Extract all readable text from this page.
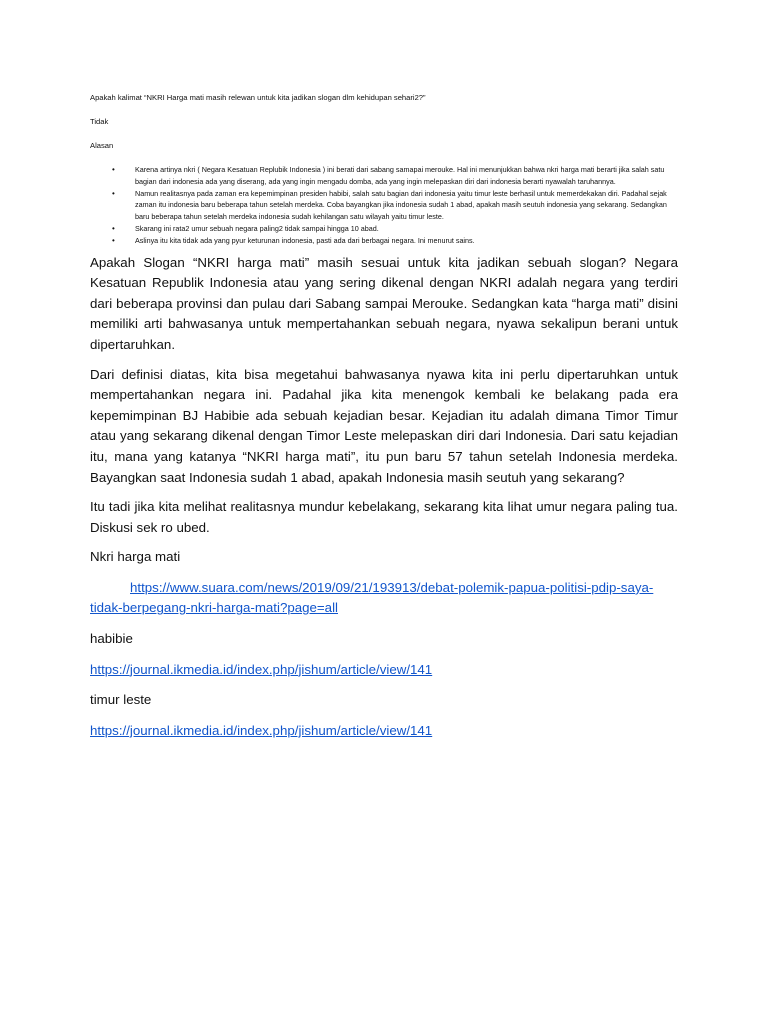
Apakah kalimat “NKRI Harga mati masih relewan untuk kita jadikan slogan dlm kehidupan sehari2?”

Tidak

Alasan

•	Karena artinya nkri ( Negara Kesatuan Replubik Indonesia ) ini berati dari sabang samapai merouke. Hal ini menunjukkan bahwa nkri harga mati berarti jika salah satu bagian dari indonesia ada yang diserang, ada yang ingin mengadu domba, ada yang ingin melepaskan diri dari indonesia berarti nyawalah taruhannya.
•	Namun realitasnya pada zaman era kepemimpinan presiden habibi, salah satu bagian dari indonesia yaitu timur leste berhasil untuk memerdekakan diri. Padahal sejak zaman itu indonesia baru beberapa tahun setelah merdeka. Coba bayangkan jika indonesia sudah 1 abad, apakah masih seutuh indonesia yang sekarang. Sedangkan baru beberapa tahun setelah merdeka indonesia sudah kehilangan satu wilayah yaitu timur leste.
•	Skarang ini rata2 umur sebuah negara paling2 tidak sampai hingga 10 abad.
•	Aslinya itu kita tidak ada yang pyur keturunan indonesia, pasti ada dari berbagai negara. Ini menurut sains.

Apakah Slogan “NKRI harga mati” masih sesuai untuk kita jadikan sebuah slogan? Negara Kesatuan Republik Indonesia atau yang sering dikenal dengan NKRI adalah negara yang terdiri dari beberapa provinsi dan pulau dari Sabang sampai Merouke. Sedangkan kata “harga mati” disini memiliki arti bahwasanya untuk mempertahankan sebuah negara, nyawa sekalipun berani untuk dipertaruhkan.

Dari definisi diatas, kita bisa megetahui bahwasanya nyawa kita ini perlu dipertaruhkan untuk mempertahankan negara ini. Padahal jika kita menengok kembali ke belakang pada era kepemimpinan BJ Habibie ada sebuah kejadian besar. Kejadian itu adalah dimana Timor Timur atau yang sekarang dikenal dengan Timor Leste melepaskan diri dari Indonesia. Dari satu kejadian itu, mana yang katanya “NKRI harga mati”, itu pun baru 57 tahun setelah Indonesia merdeka. Bayangkan saat Indonesia sudah 1 abad, apakah Indonesia masih seutuh yang sekarang?

Itu tadi jika kita melihat realitasnya mundur kebelakang, sekarang kita lihat umur negara paling tua. Diskusi sek ro ubed.

Nkri harga mati

https://www.suara.com/news/2019/09/21/193913/debat-polemik-papua-politisi-pdip-saya-tidak-berpegang-nkri-harga-mati?page=all

habibie

https://journal.ikmedia.id/index.php/jishum/article/view/141

timur leste

https://journal.ikmedia.id/index.php/jishum/article/view/141
